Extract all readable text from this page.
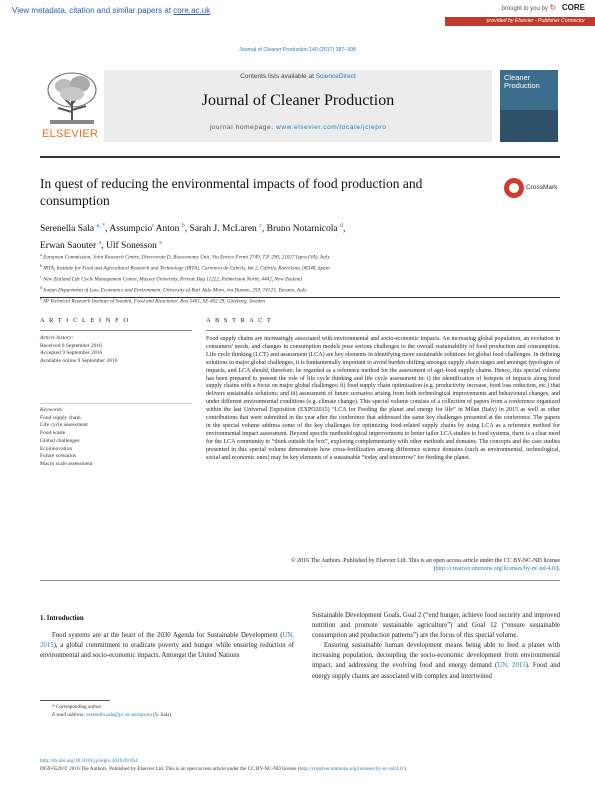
View metadata, citation and similar papers at core.ac.uk	brought to you by ↻ CORE
provided by Elsevier - Publisher Connector
Journal of Cleaner Production 140 (2017) 387–398
ELSEVIER
Contents lists available at ScienceDirect
Journal of Cleaner Production
journal homepage: www.elsevier.com/locate/jclepro
Cleaner Production
In quest of reducing the environmental impacts of food production and consumption
CrossMark
Serenella Sala $^{a, *}$, Assumpcio' Anton $^b$, Sarah J. McLaren $^c$, Bruno Notarnicola $^d$,
Erwan Saouter $^a$, Ulf Sonesson $^e$
$^a$ European Commission, Joint Research Centre, Directorate D, Bioeconomy Unit, Via Enrico Fermi 2749, T.P. 290, 21027 Ispra (VA), Italy
$^b$ IRTA, Institute for Food and Agricultural Research and Technology (IRTA), Carretera de Cabrils, km 2, Cabrils, Barcelona, 08348, Spain
$^c$ New Zealand Life Cycle Management Centre, Massey University, Private Bag 11222, Palmerston North, 4442, New Zealand
$^d$ Ionian Department of Law, Economics and Environment, University of Bari Aldo Moro, via Duomo, 259, 74123, Taranto, Italy
$^e$ SP Technical Research Institute of Sweden, Food and Bioscience, Box 5401, SE-402 29, Göteborg, Sweden
A R T I C L E I N F O	A B S T R A C T
Article history:
Received 8 September 2016
Accepted 9 September 2016
Available online 9 September 2016
Keywords:
Food supply chain
Life cycle assessment
Food waste
Global challenges
Ecoinnovation
Future scenarios
Macro scale assessment
Food supply chains are increasingly associated with environmental and socio-economic impacts. An increasing global population, an evolution in consumers' needs, and changes in consumption models pose serious challenges to the overall sustainability of food production and consumption. Life cycle thinking (LCT) and assessment (LCA) are key elements in identifying more sustainable solutions for global food challenges. In defining solutions to major global challenges, it is fundamentally important to avoid burden shifting amongst supply chain stages and amongst typologies of impacts, and LCA should, therefore, be regarded as a reference method for the assessment of agri-food supply chains. Hence, this special volume has been prepared to present the role of life cycle thinking and life cycle assessment in: i) the identification of hotspots of impacts along food supply chains with a focus on major global challenges; ii) food supply chain optimisation (e.g. productivity increase, food loss reduction, etc.) that delivers sustainable solutions; and iii) assessment of future scenarios arising from both technological improvements and behavioural changes, and under different environmental conditions (e.g. climate change). This special volume consists of a collection of papers from a conference organized within the last Universal Exposition (EXPO2015) “LCA for Feeding the planet and energy for life” in Milan (Italy) in 2015 as well as other contributions that were submitted in the year after the conference that addressed the same key challenges presented at the conference. The papers in the special volume address some of the key challenges for optimizing food-related supply chains by using LCA as a reference method for environmental impact assessment. Beyond specific methodological improvements to better tailor LCA studies to food systems, there is a clear need for the LCA community to “think outside the box”, exploring complementarity with other methods and domains. The concepts and the case studies presented in this special volume demonstrate how cross-fertilization among difference science domains (such as environmental, technological, social and economic ones) may be key elements of a sustainable “today and tomorrow” for feeding the planet.
© 2016 The Authors. Published by Elsevier Ltd. This is an open access article under the CC BY-NC-ND license (http://creativecommons.org/licenses/by-nc-nd/4.0/).
1. Introduction
Food systems are at the heart of the 2030 Agenda for Sustainable Development (UN, 2015), a global commitment to eradicate poverty and hunger while ensuring reduction of environmental and socio-economic impacts. Amongst the United Nations

Sustainable Development Goals, Goal 2 (“end hunger, achieve food security and improved nutrition and promote sustainable agriculture”) and Goal 12 (“ensure sustainable consumption and production patterns”) are the focus of this special volume.

Ensuring sustainable human development means being able to feed a planet with increasing population, decoupling the socio-economic development from environmental impact, and addressing the evolving food and energy demand (UN, 2015). Food and energy supply chains are associated with complex and intertwined

* Corresponding author.
E-mail address: serenella.sala@jrc.ec.europa.eu (S. Sala).
http://dx.doi.org/10.1016/j.jclepro.2016.09.054
0959-6526/© 2016 The Authors. Published by Elsevier Ltd. This is an open access article under the CC BY-NC-ND license (http://creativecommons.org/licenses/by-nc-nd/4.0/).
